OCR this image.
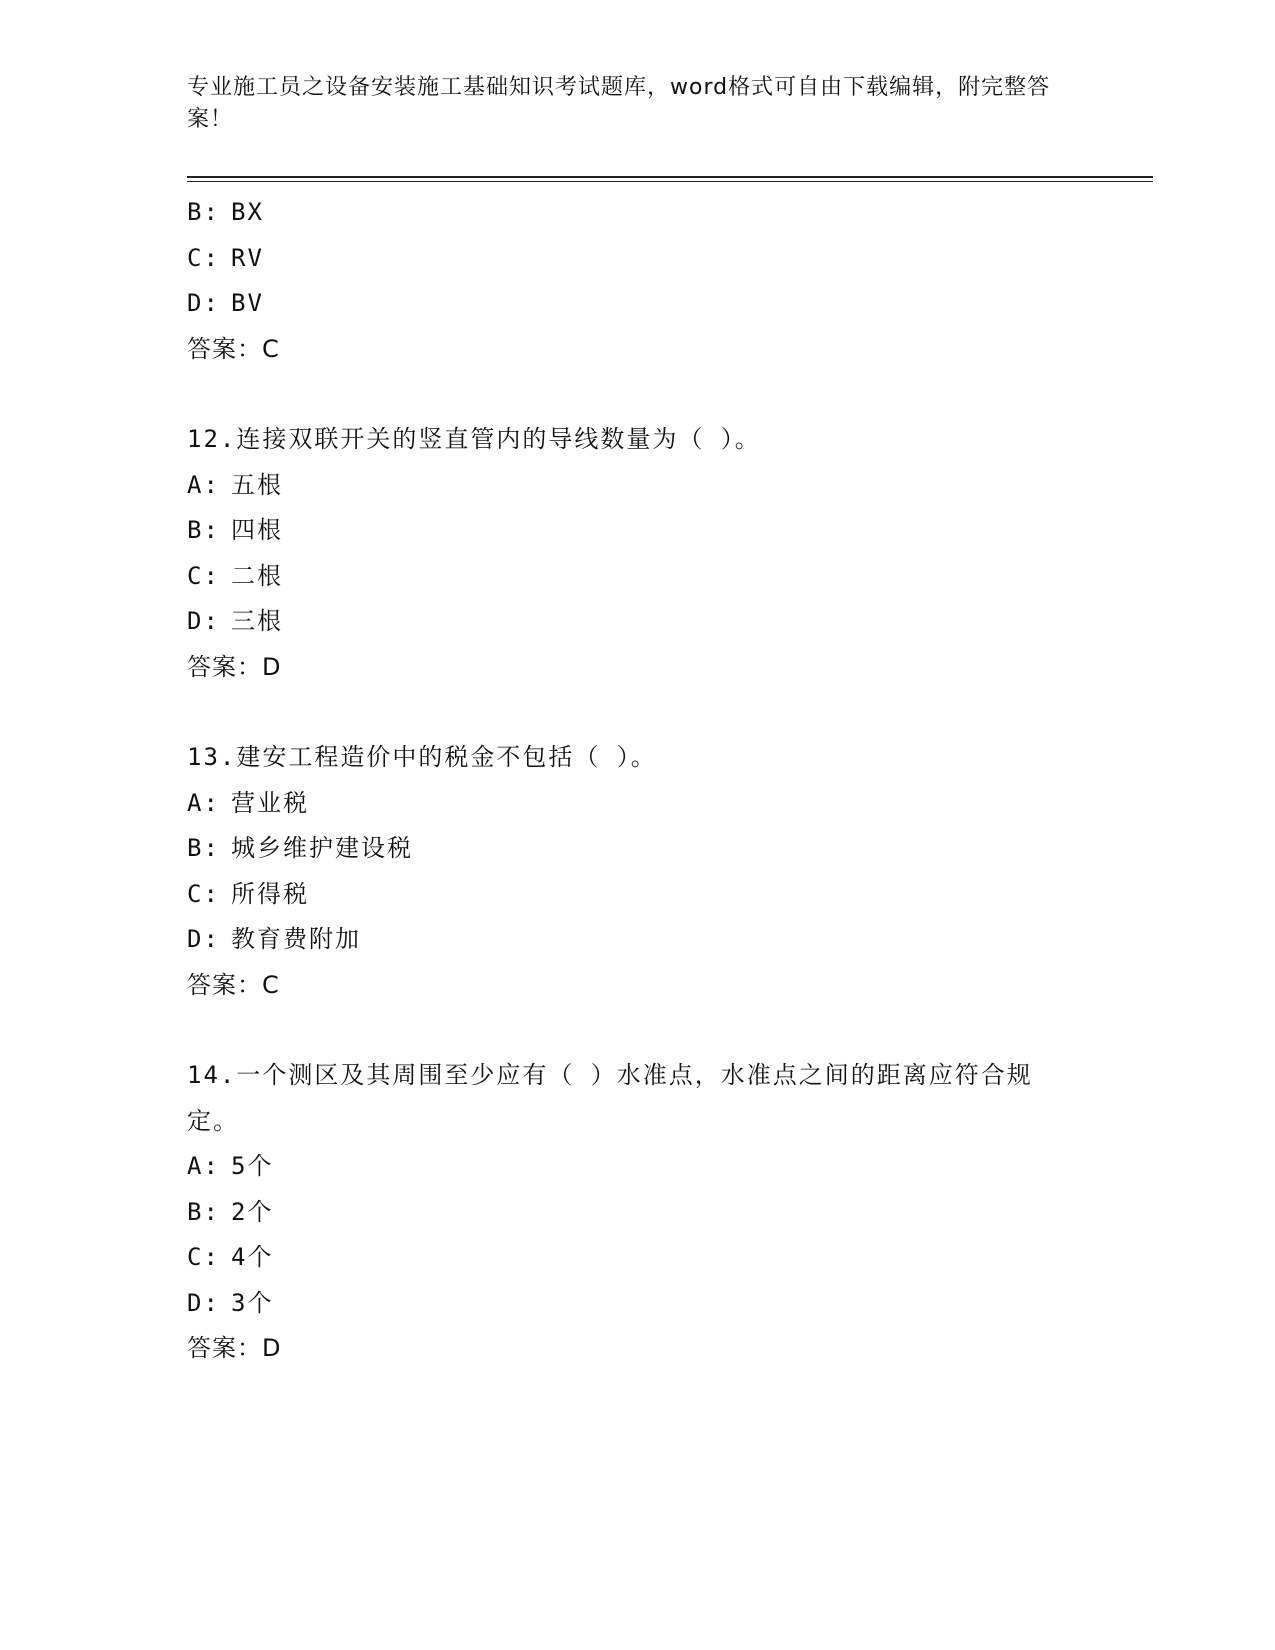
专业施工员之设备安装施工基础知识考试题库，word格式可自由下载编辑，附完整答案！
B: BX
C: RV
D: BV
答案：C
12.连接双联开关的竖直管内的导线数量为（ ）。
A: 五根
B: 四根
C: 二根
D: 三根
答案：D
13.建安工程造价中的税金不包括（ ）。
A: 营业税
B: 城乡维护建设税
C: 所得税
D: 教育费附加
答案：C
14.一个测区及其周围至少应有（ ）水准点，水准点之间的距离应符合规定。
A: 5个
B: 2个
C: 4个
D: 3个
答案：D
